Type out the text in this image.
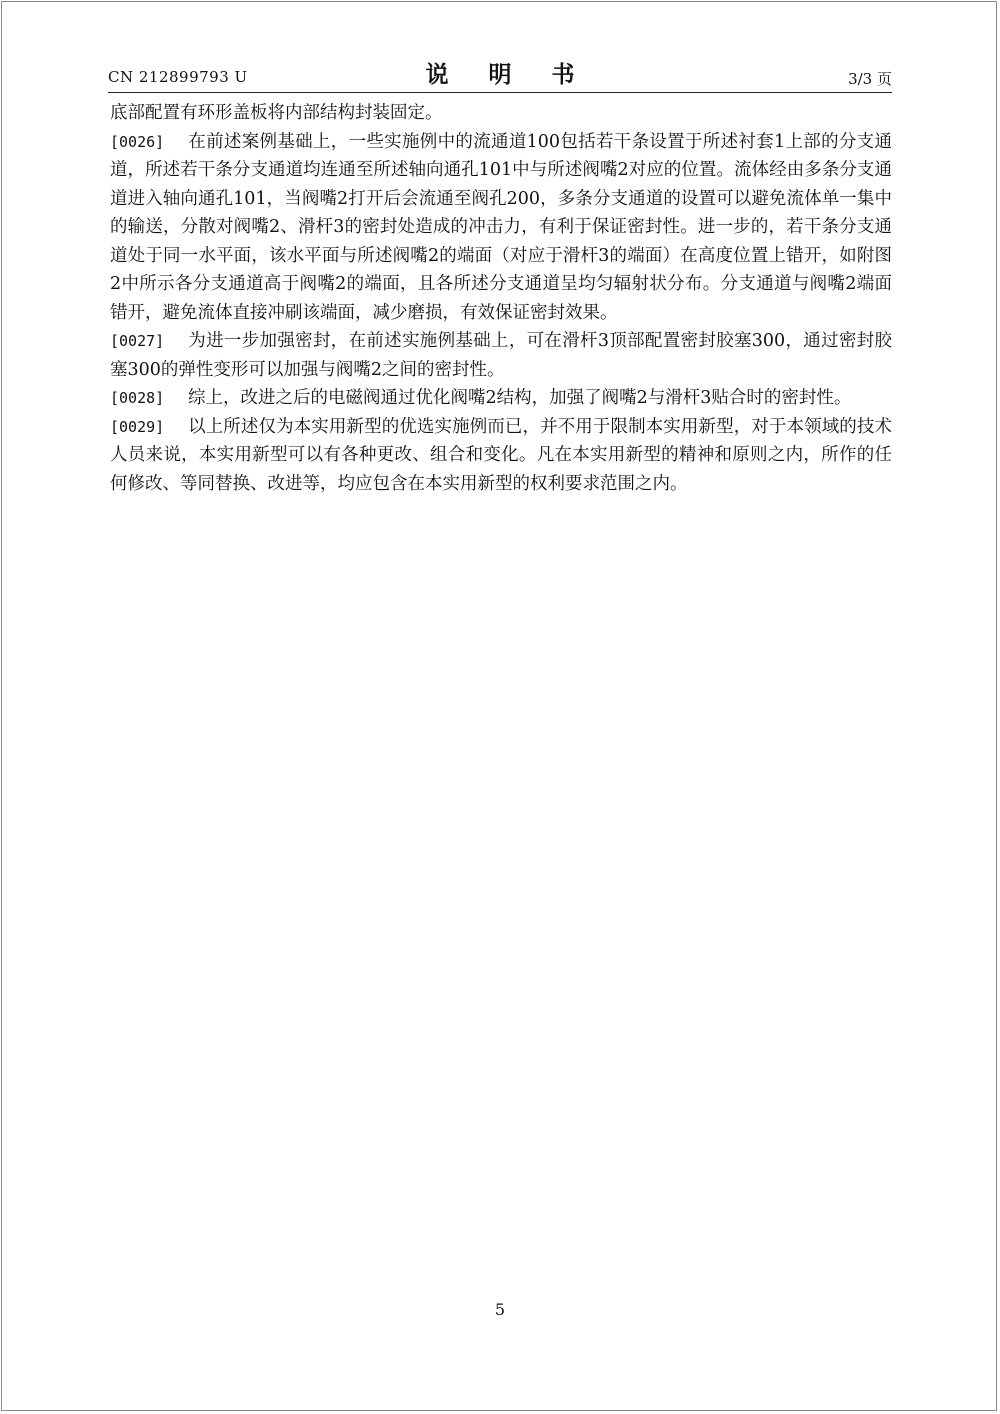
CN 212899793 U	说 明 书	3/3 页

底部配置有环形盖板将内部结构封装固定。

[0026] 在前述案例基础上，一些实施例中的流通道100包括若干条设置于所述衬套1上部的分支通道，所述若干条分支通道均连通至所述轴向通孔101中与所述阀嘴2对应的位置。流体经由多条分支通道进入轴向通孔101，当阀嘴2打开后会流通至阀孔200，多条分支通道的设置可以避免流体单一集中的输送，分散对阀嘴2、滑杆3的密封处造成的冲击力，有利于保证密封性。进一步的，若干条分支通道处于同一水平面，该水平面与所述阀嘴2的端面（对应于滑杆3的端面）在高度位置上错开，如附图2中所示各分支通道高于阀嘴2的端面，且各所述分支通道呈均匀辐射状分布。分支通道与阀嘴2端面错开，避免流体直接冲刷该端面，减少磨损，有效保证密封效果。

[0027] 为进一步加强密封，在前述实施例基础上，可在滑杆3顶部配置密封胶塞300，通过密封胶塞300的弹性变形可以加强与阀嘴2之间的密封性。

[0028] 综上，改进之后的电磁阀通过优化阀嘴2结构，加强了阀嘴2与滑杆3贴合时的密封性。

[0029] 以上所述仅为本实用新型的优选实施例而已，并不用于限制本实用新型，对于本领域的技术人员来说，本实用新型可以有各种更改、组合和变化。凡在本实用新型的精神和原则之内，所作的任何修改、等同替换、改进等，均应包含在本实用新型的权利要求范围之内。

5
